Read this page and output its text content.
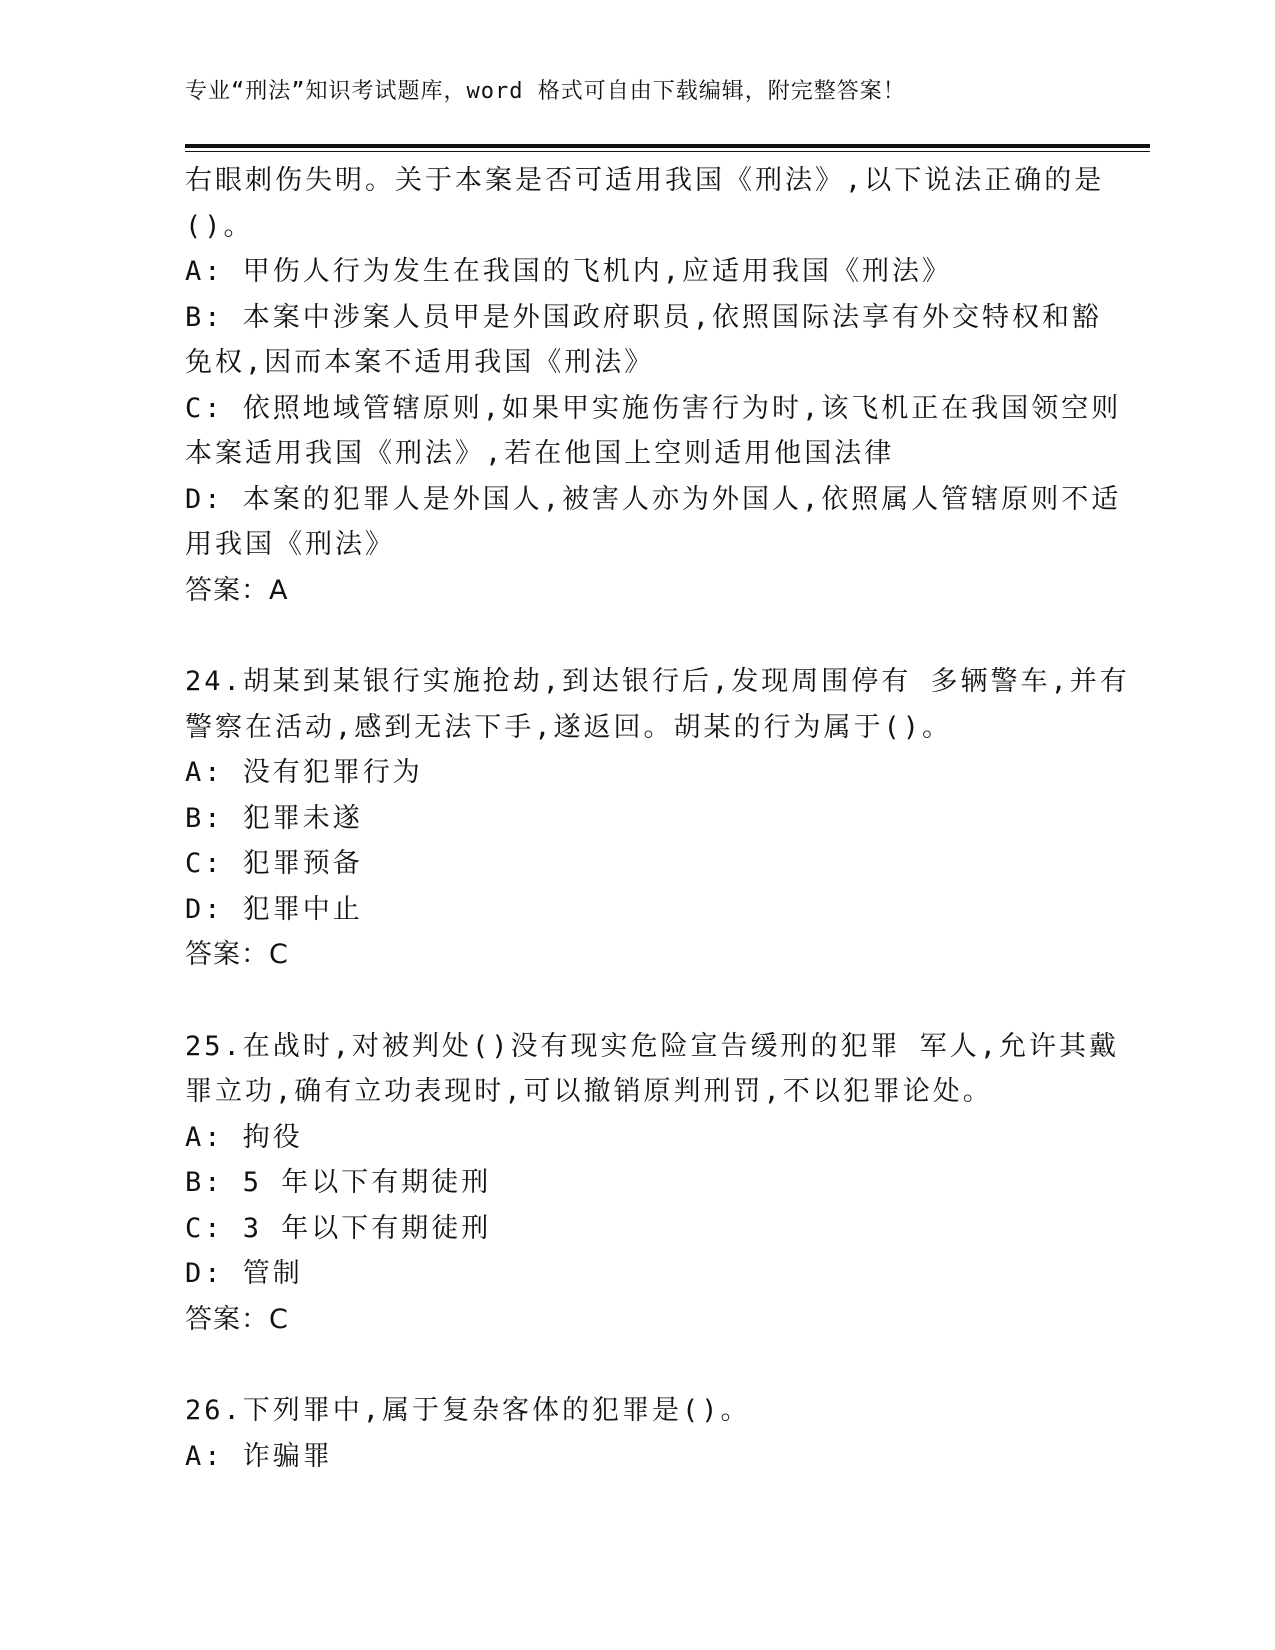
专业“刑法”知识考试题库，word 格式可自由下载编辑，附完整答案！
右眼刺伤失明。关于本案是否可适用我国《刑法》,以下说法正确的是
()。
A: 甲伤人行为发生在我国的飞机内,应适用我国《刑法》
B: 本案中涉案人员甲是外国政府职员,依照国际法享有外交特权和豁
免权,因而本案不适用我国《刑法》
C: 依照地域管辖原则,如果甲实施伤害行为时,该飞机正在我国领空则
本案适用我国《刑法》,若在他国上空则适用他国法律
D: 本案的犯罪人是外国人,被害人亦为外国人,依照属人管辖原则不适
用我国《刑法》
答案：A
24.胡某到某银行实施抢劫,到达银行后,发现周围停有 多辆警车,并有
警察在活动,感到无法下手,遂返回。胡某的行为属于()。
A: 没有犯罪行为
B: 犯罪未遂
C: 犯罪预备
D: 犯罪中止
答案：C
25.在战时,对被判处()没有现实危险宣告缓刑的犯罪 军人,允许其戴
罪立功,确有立功表现时,可以撤销原判刑罚,不以犯罪论处。
A: 拘役
B: 5 年以下有期徒刑
C: 3 年以下有期徒刑
D: 管制
答案：C
26.下列罪中,属于复杂客体的犯罪是()。
A: 诈骗罪
